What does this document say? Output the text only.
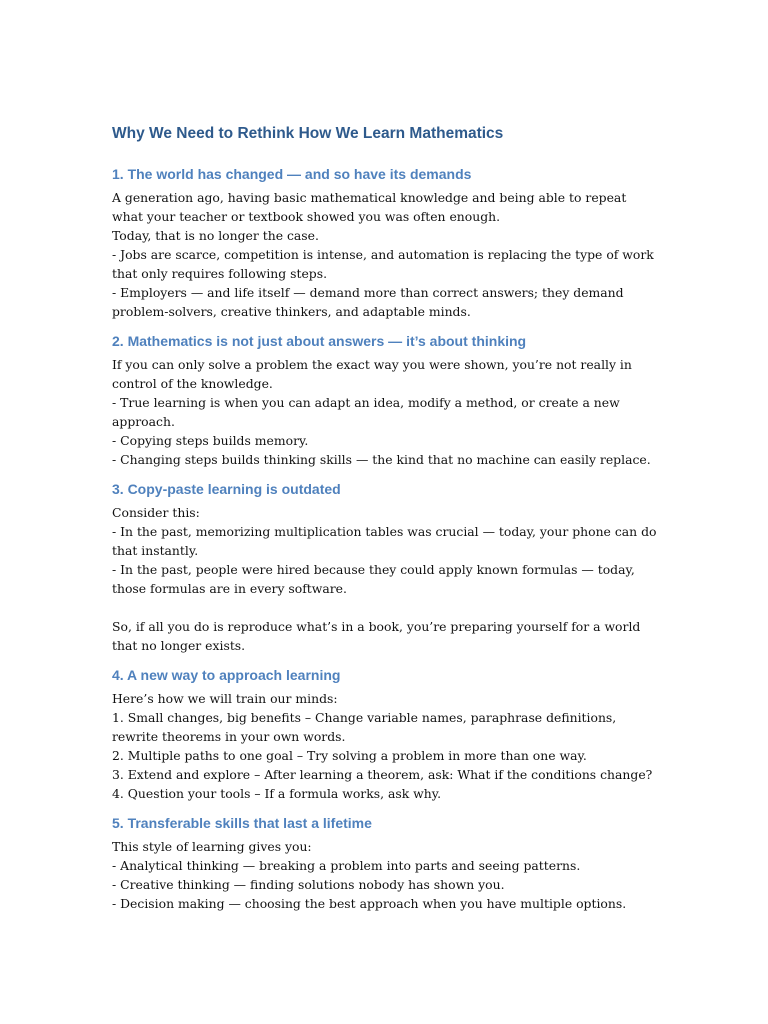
Why We Need to Rethink How We Learn Mathematics
1. The world has changed — and so have its demands

A generation ago, having basic mathematical knowledge and being able to repeat what your teacher or textbook showed you was often enough.

Today, that is no longer the case.

- Jobs are scarce, competition is intense, and automation is replacing the type of work that only requires following steps.

- Employers — and life itself — demand more than correct answers; they demand problem-solvers, creative thinkers, and adaptable minds.

2. Mathematics is not just about answers — it’s about thinking

If you can only solve a problem the exact way you were shown, you’re not really in control of the knowledge.

- True learning is when you can adapt an idea, modify a method, or create a new approach.

- Copying steps builds memory.

- Changing steps builds thinking skills — the kind that no machine can easily replace.

3. Copy-paste learning is outdated

Consider this:

- In the past, memorizing multiplication tables was crucial — today, your phone can do that instantly.

- In the past, people were hired because they could apply known formulas — today, those formulas are in every software.

So, if all you do is reproduce what’s in a book, you’re preparing yourself for a world that no longer exists.

4. A new way to approach learning

Here’s how we will train our minds:

1. Small changes, big benefits – Change variable names, paraphrase definitions, rewrite theorems in your own words.

2. Multiple paths to one goal – Try solving a problem in more than one way.

3. Extend and explore – After learning a theorem, ask: What if the conditions change?

4. Question your tools – If a formula works, ask why.

5. Transferable skills that last a lifetime

This style of learning gives you:

- Analytical thinking — breaking a problem into parts and seeing patterns.

- Creative thinking — finding solutions nobody has shown you.

- Decision making — choosing the best approach when you have multiple options.
